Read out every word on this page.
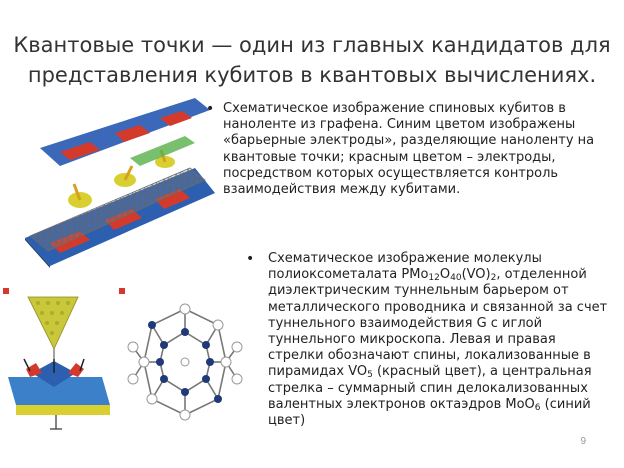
Квантовые точки — один из главных кандидатов для
представления кубитов в квантовых вычислениях.
• Схематическое изображение спиновых кубитов в наноленте из графена. Синим цветом изображены «барьерные электроды», разделяющие наноленту на квантовые точки; красным цветом – электроды, посредством которых осуществляется контроль взаимодействия между кубитами.
• Схематическое изображение молекулы полиоксометалата $PMo_{12}O_{40}(VO)_2$, отделенной диэлектрическим туннельным барьером от металлического проводника и связанной за счет туннельного взаимодействия G с иглой туннельного микроскопа. Левая и правая стрелки обозначают спины, локализованные в пирамидах $VO_5$ (красный цвет), а центральная стрелка – суммарный спин делокализованных валентных электронов октаэдров MoO$_6$ (синий цвет)
9
